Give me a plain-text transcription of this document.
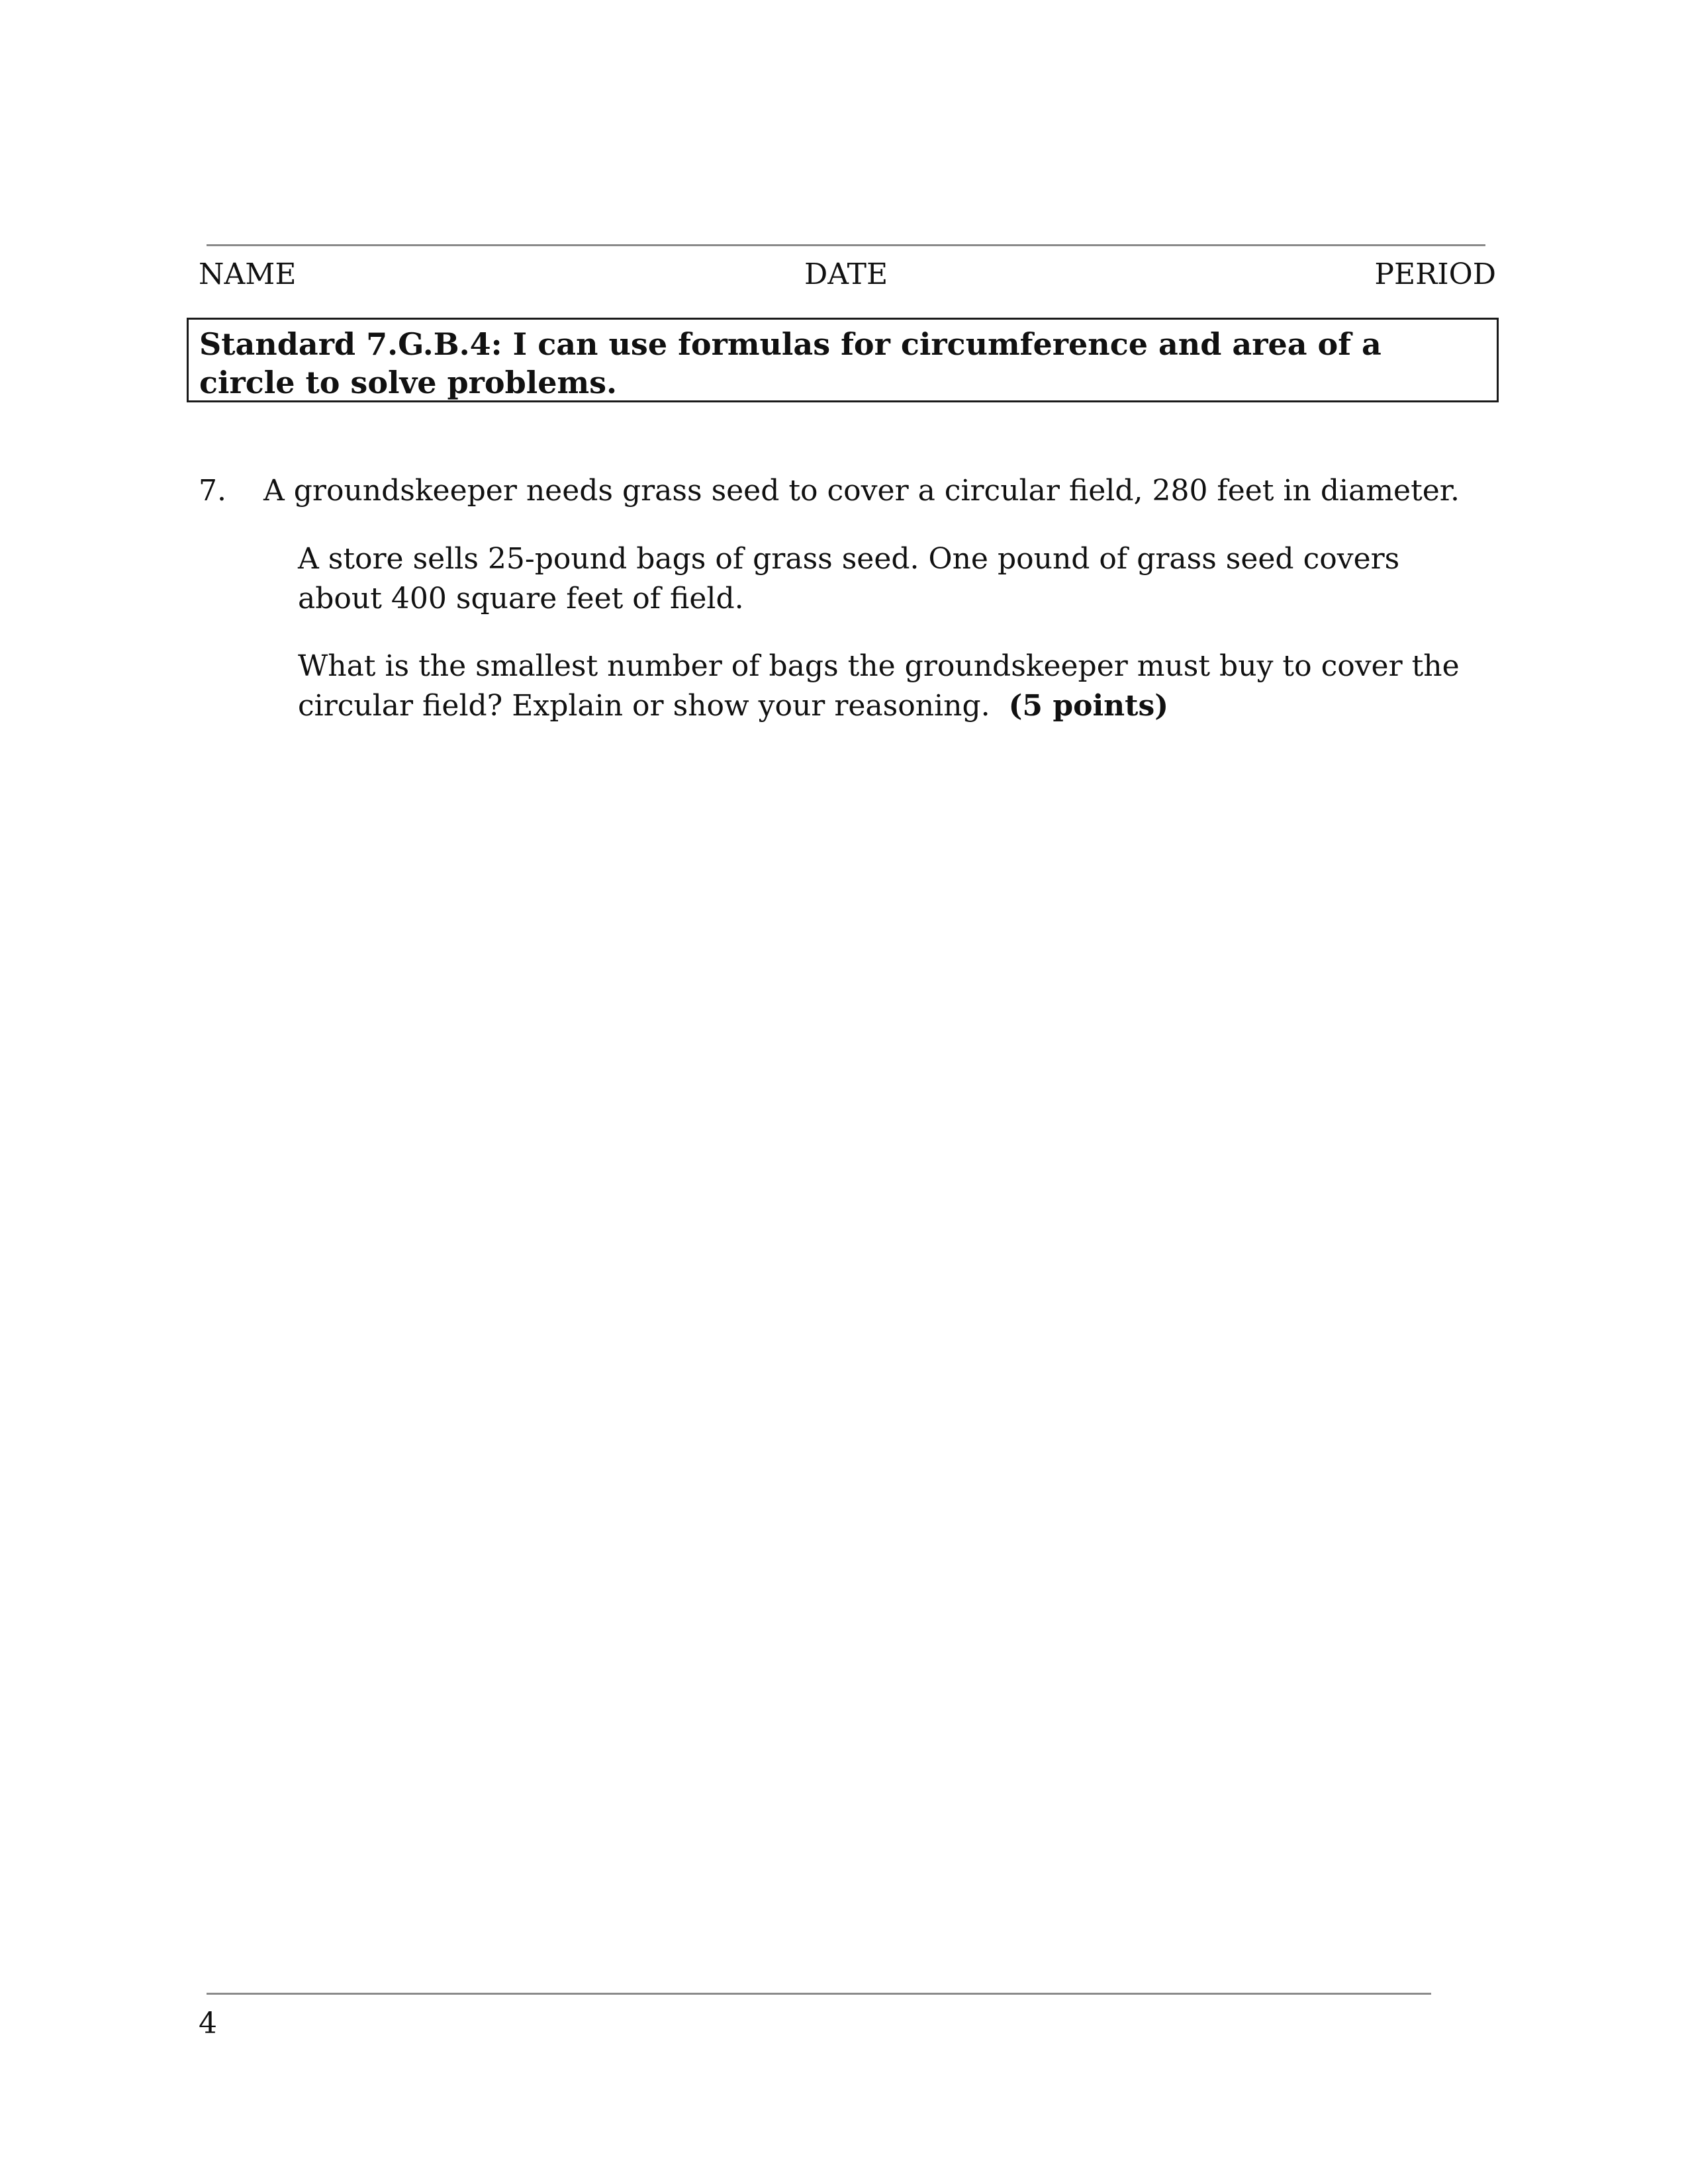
NAME	DATE	PERIOD
Standard 7.G.B.4: I can use formulas for circumference and area of a circle to solve problems.
7. A groundskeeper needs grass seed to cover a circular field, 280 feet in diameter.
A store sells 25-pound bags of grass seed. One pound of grass seed covers about 400 square feet of field.
What is the smallest number of bags the groundskeeper must buy to cover the circular field? Explain or show your reasoning. (5 points)
4
